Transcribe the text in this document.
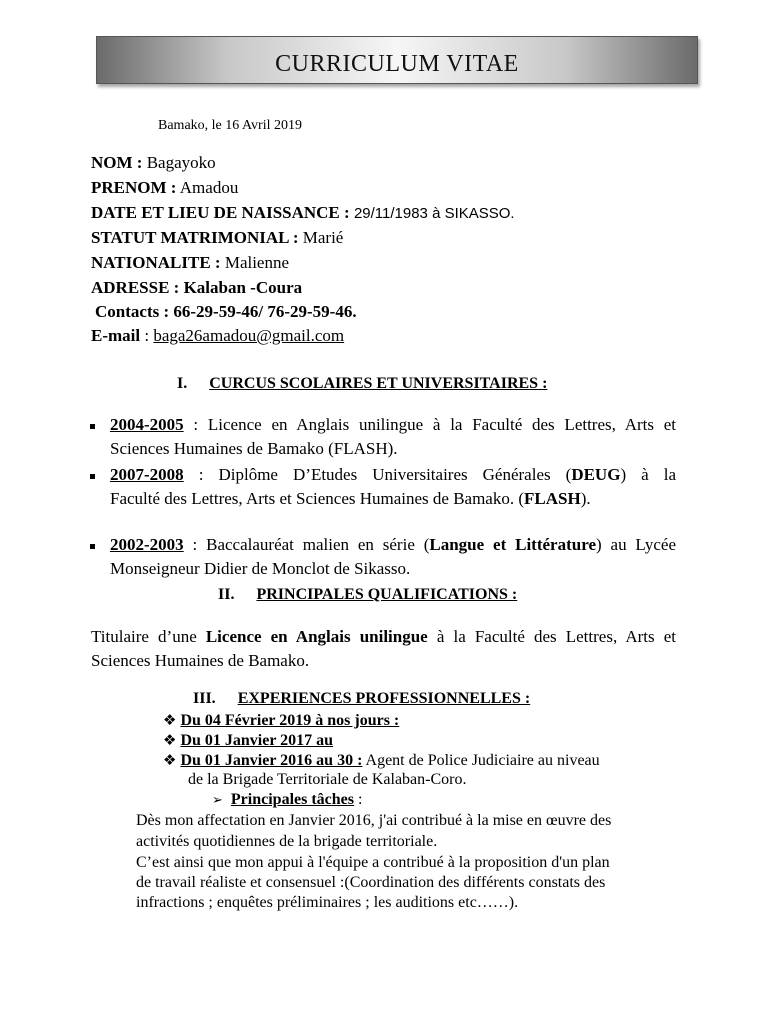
CURRICULUM VITAE
Bamako, le 16 Avril 2019
NOM : Bagayoko
PRENOM : Amadou
DATE ET LIEU DE NAISSANCE : 29/11/1983 à SIKASSO.
STATUT MATRIMONIAL : Marié
NATIONALITE : Malienne
ADRESSE : Kalaban -Coura
Contacts : 66-29-59-46/ 76-29-59-46.
E-mail : baga26amadou@gmail.com
I. CURCUS SCOLAIRES ET UNIVERSITAIRES :
2004-2005 : Licence en Anglais unilingue à la Faculté des Lettres, Arts et
Sciences Humaines de Bamako (FLASH).
2007-2008 : Diplôme D’Etudes Universitaires Générales (DEUG) à la
Faculté des Lettres, Arts et Sciences Humaines de Bamako. (FLASH).
2002-2003 : Baccalauréat malien en série (Langue et Littérature) au Lycée
Monseigneur Didier de Monclot de Sikasso.
II. PRINCIPALES QUALIFICATIONS :
Titulaire d’une Licence en Anglais unilingue à la Faculté des Lettres, Arts et
Sciences Humaines de Bamako.
III. EXPERIENCES PROFESSIONNELLES :
❖ Du 04 Février 2019 à nos jours :
❖ Du 01 Janvier 2017 au
❖ Du 01 Janvier 2016 au 30 : Agent de Police Judiciaire au niveau
de la Brigade Territoriale de Kalaban-Coro.
➢ Principales tâches :
Dès mon affectation en Janvier 2016, j'ai contribué à la mise en œuvre des
activités quotidiennes de la brigade territoriale.
C’est ainsi que mon appui à l'équipe a contribué à la proposition d'un plan
de travail réaliste et consensuel :(Coordination des différents constats des
infractions ; enquêtes préliminaires ; les auditions etc……).
